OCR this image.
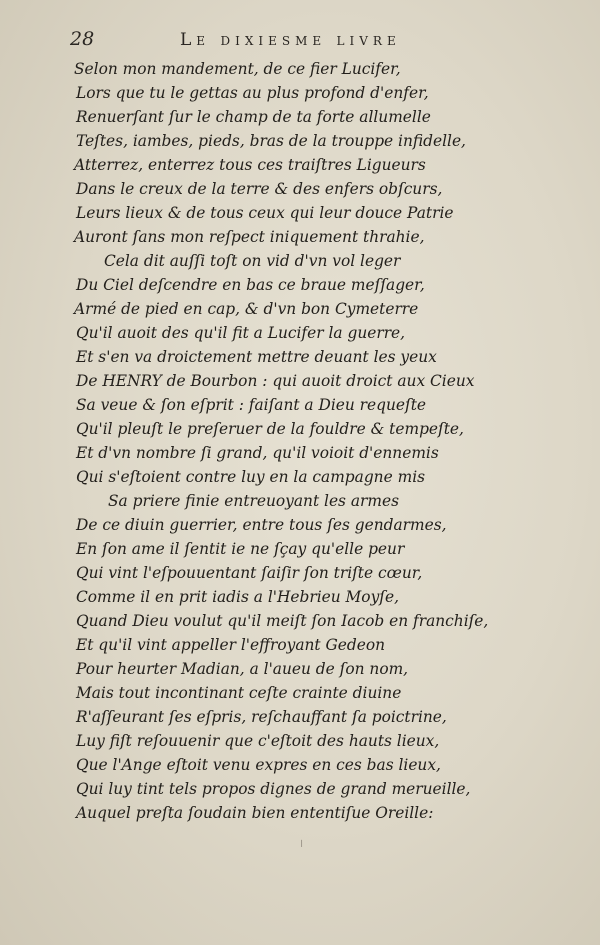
28	Le dixiesme livre
Selon mon mandement, de ce fier Lucifer,
Lors que tu le gettas au plus profond d'enfer,
Renuerſant ſur le champ de ta forte allumelle
Teſtes, iambes, pieds, bras de la trouppe infidelle,
Atterrez, enterrez tous ces traiſtres Ligueurs
Dans le creux de la terre & des enfers obſcurs,
Leurs lieux & de tous ceux qui leur douce Patrie
Auront ſans mon reſpect iniquement thrahie,
Cela dit auſſi toſt on vid d'vn vol leger
Du Ciel deſcendre en bas ce braue meſſager,
Armé de pied en cap, & d'vn bon Cymeterre
Qu'il auoit des qu'il fit a Lucifer la guerre,
Et s'en va droictement mettre deuant les yeux
De HENRY de Bourbon : qui auoit droict aux Cieux
Sa veue & ſon eſprit : faiſant a Dieu requeſte
Qu'il pleuſt le preſeruer de la fouldre & tempeſte,
Et d'vn nombre ſi grand, qu'il voioit d'ennemis
Qui s'eſtoient contre luy en la campagne mis
Sa priere finie entreuoyant les armes
De ce diuin guerrier, entre tous ſes gendarmes,
En ſon ame il ſentit ie ne ſçay qu'elle peur
Qui vint l'eſpouuentant ſaiſir ſon triſte cœur,
Comme il en prit iadis a l'Hebrieu Moyſe,
Quand Dieu voulut qu'il meiſt ſon Iacob en franchiſe,
Et qu'il vint appeller l'effroyant Gedeon
Pour heurter Madian, a l'aueu de ſon nom,
Mais tout incontinant ceſte crainte diuine
R'aſſeurant ſes eſpris, reſchauffant ſa poictrine,
Luy fiſt reſouuenir que c'eſtoit des hauts lieux,
Que l'Ange eſtoit venu expres en ces bas lieux,
Qui luy tint tels propos dignes de grand merueille,
Auquel preſta ſoudain bien ententiſue Oreille:
╵
